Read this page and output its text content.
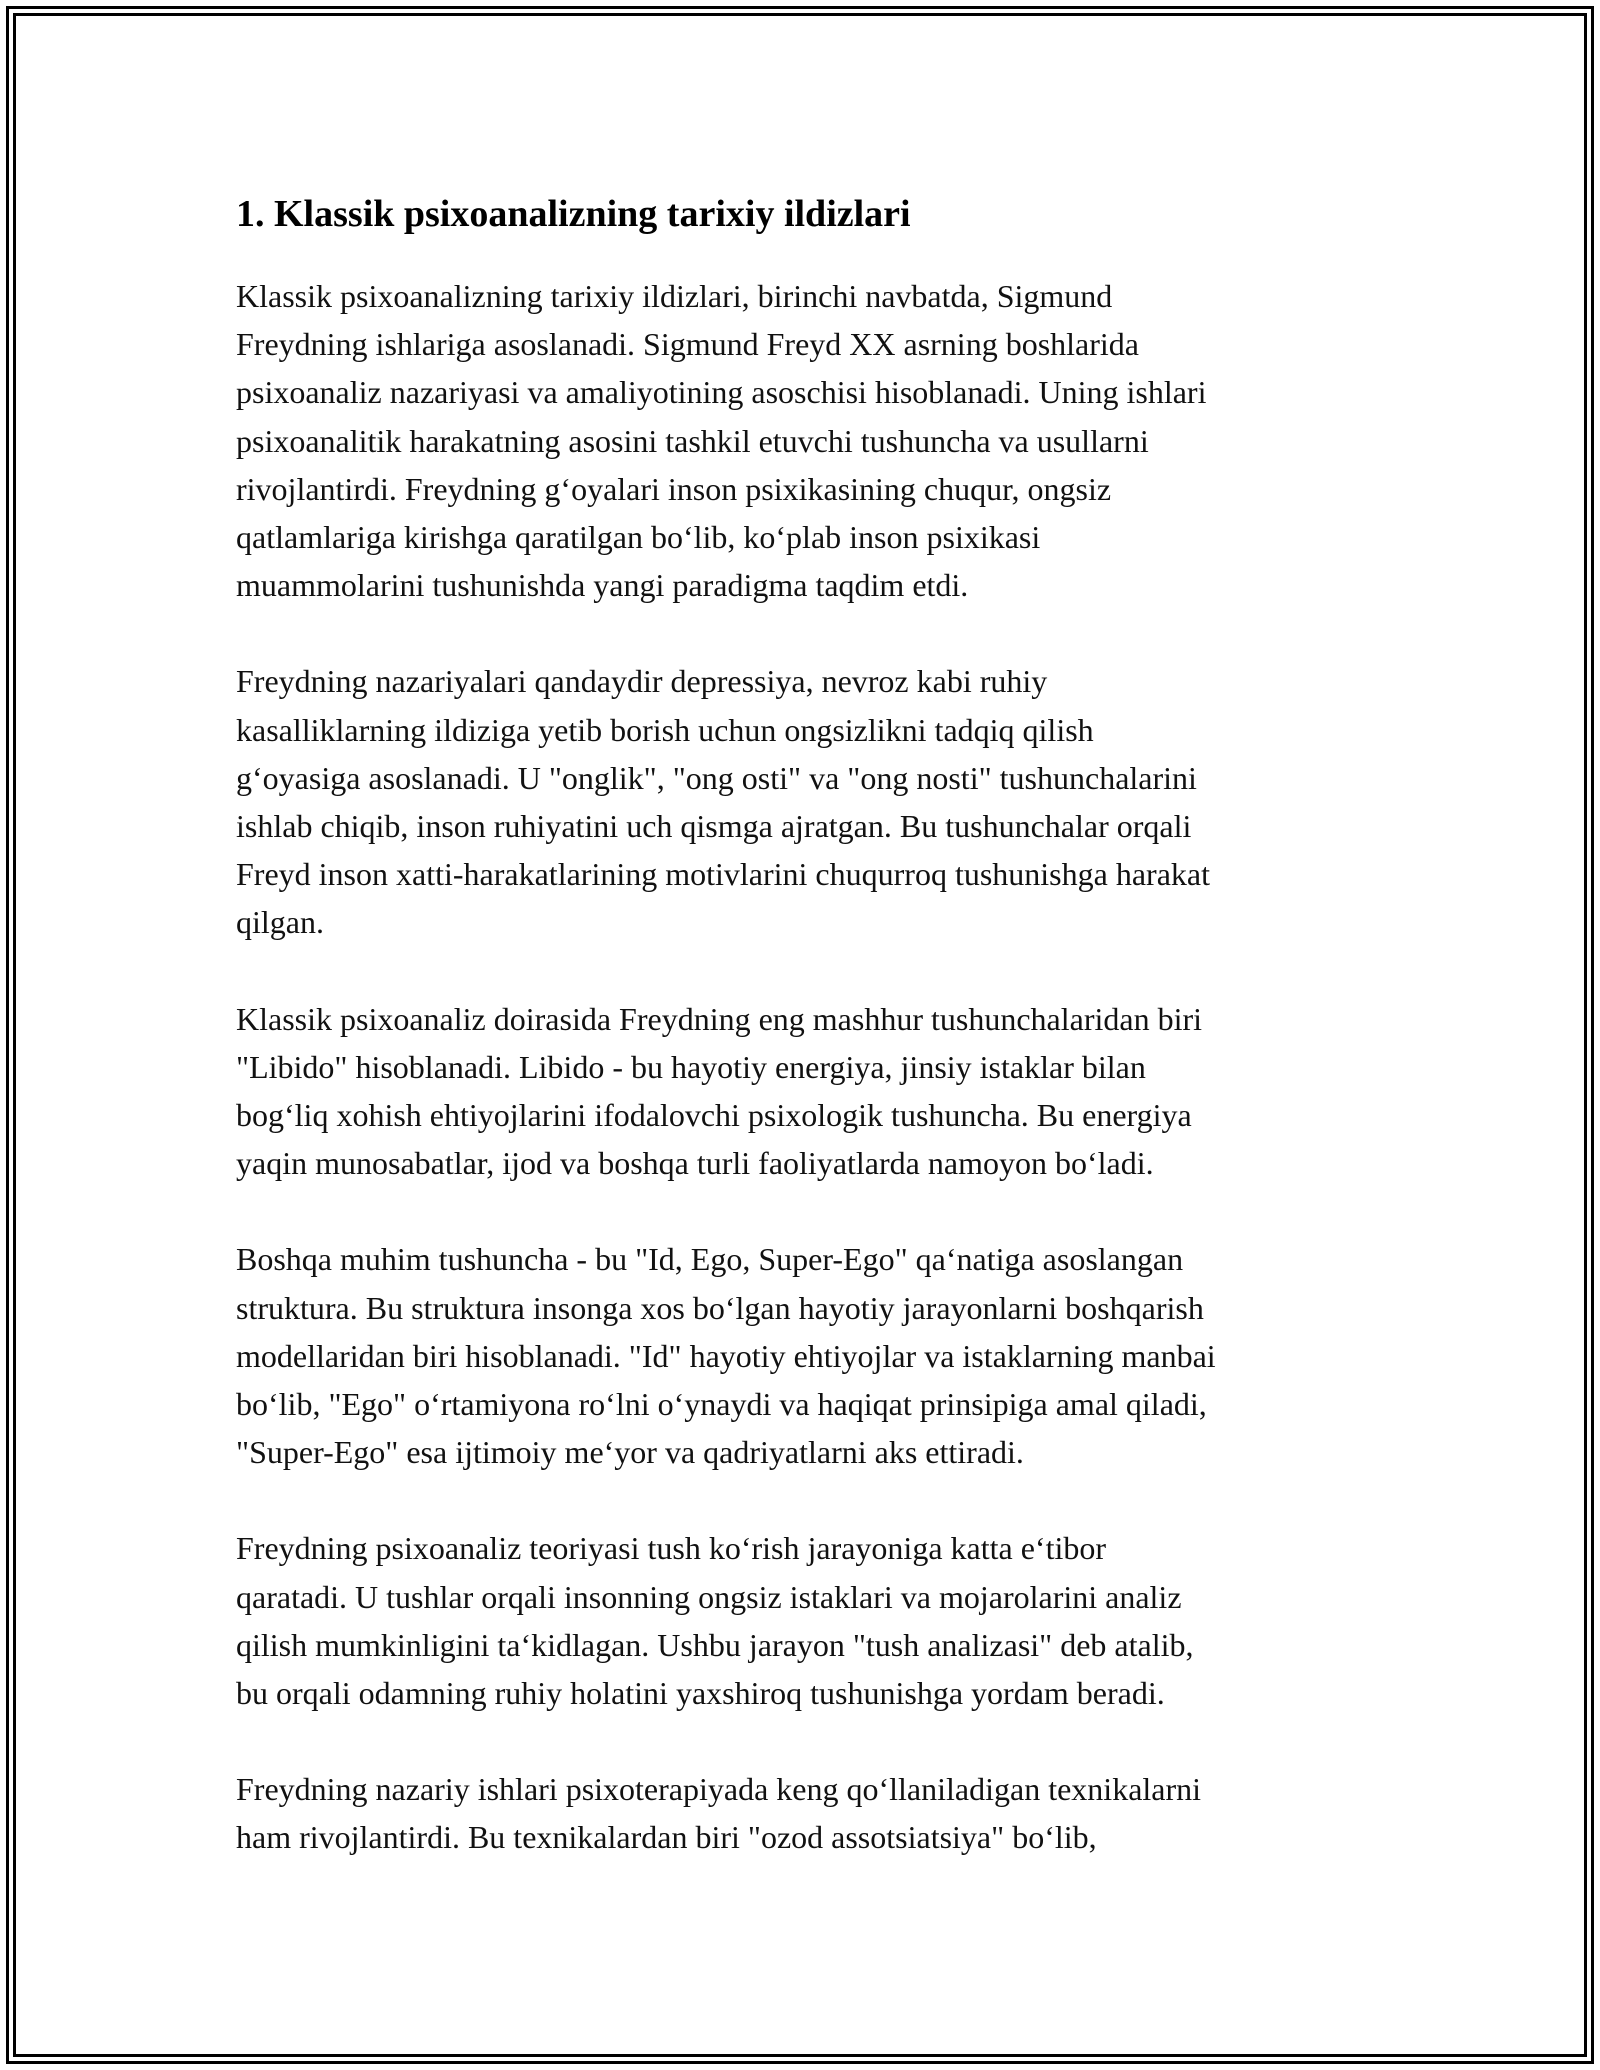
1. Klassik psixoanalizning tarixiy ildizlari

Klassik psixoanalizning tarixiy ildizlari, birinchi navbatda, Sigmund
Freydning ishlariga asoslanadi. Sigmund Freyd XX asrning boshlarida
psixoanaliz nazariyasi va amaliyotining asoschisi hisoblanadi. Uning ishlari
psixoanalitik harakatning asosini tashkil etuvchi tushuncha va usullarni
rivojlantirdi. Freydning gʻoyalari inson psixikasining chuqur, ongsiz
qatlamlariga kirishga qaratilgan boʻlib, koʻplab inson psixikasi
muammolarini tushunishda yangi paradigma taqdim etdi.

Freydning nazariyalari qandaydir depressiya, nevroz kabi ruhiy
kasalliklarning ildiziga yetib borish uchun ongsizlikni tadqiq qilish
gʻoyasiga asoslanadi. U "onglik", "ong osti" va "ong nosti" tushunchalarini
ishlab chiqib, inson ruhiyatini uch qismga ajratgan. Bu tushunchalar orqali
Freyd inson xatti-harakatlarining motivlarini chuqurroq tushunishga harakat
qilgan.

Klassik psixoanaliz doirasida Freydning eng mashhur tushunchalaridan biri
"Libido" hisoblanadi. Libido - bu hayotiy energiya, jinsiy istaklar bilan
bogʻliq xohish ehtiyojlarini ifodalovchi psixologik tushuncha. Bu energiya
yaqin munosabatlar, ijod va boshqa turli faoliyatlarda namoyon boʻladi.

Boshqa muhim tushuncha - bu "Id, Ego, Super-Ego" qaʻnatiga asoslangan
struktura. Bu struktura insonga xos boʻlgan hayotiy jarayonlarni boshqarish
modellaridan biri hisoblanadi. "Id" hayotiy ehtiyojlar va istaklarning manbai
boʻlib, "Ego" oʻrtamiyona roʻlni oʻynaydi va haqiqat prinsipiga amal qiladi,
"Super-Ego" esa ijtimoiy meʻyor va qadriyatlarni aks ettiradi.

Freydning psixoanaliz teoriyasi tush koʻrish jarayoniga katta eʻtibor
qaratadi. U tushlar orqali insonning ongsiz istaklari va mojarolarini analiz
qilish mumkinligini taʻkidlagan. Ushbu jarayon "tush analizasi" deb atalib,
bu orqali odamning ruhiy holatini yaxshiroq tushunishga yordam beradi.

Freydning nazariy ishlari psixoterapiyada keng qoʻllaniladigan texnikalarni
ham rivojlantirdi. Bu texnikalardan biri "ozod assotsiatsiya" boʻlib,
